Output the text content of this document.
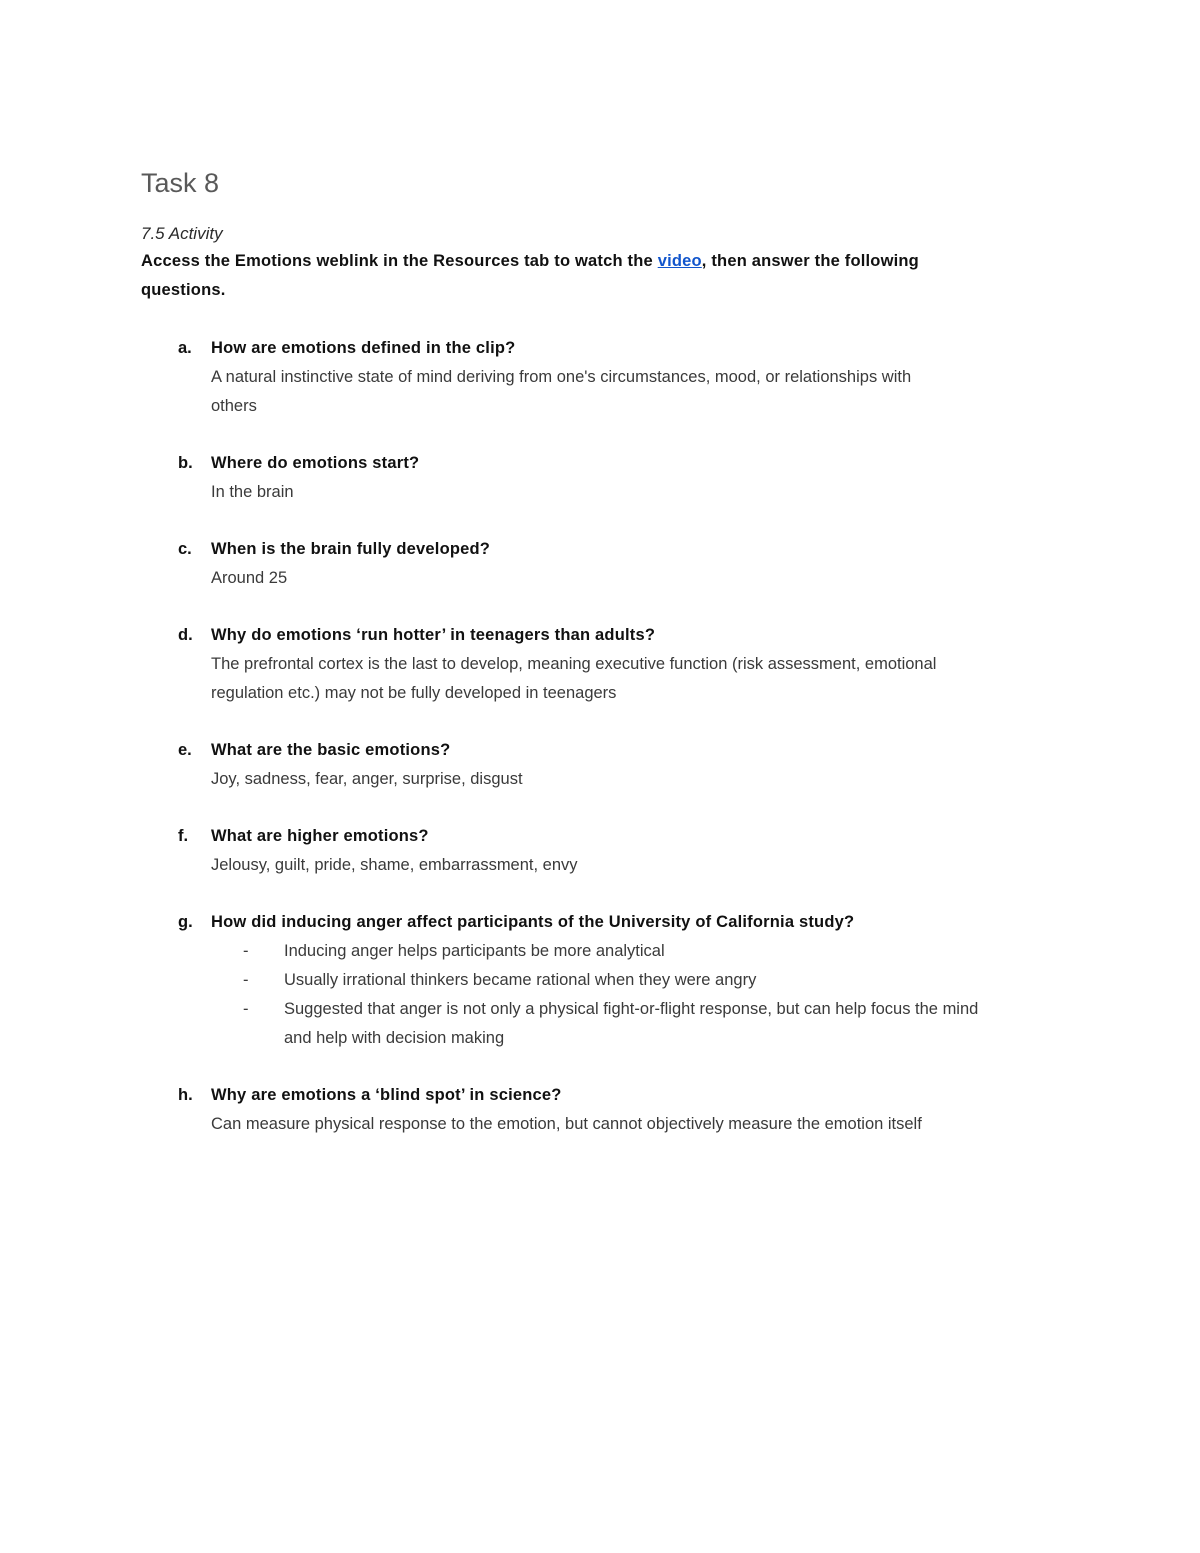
Task 8

7.5 Activity

Access the Emotions weblink in the Resources tab to watch the video, then answer the following questions.

a.	How are emotions defined in the clip?
A natural instinctive state of mind deriving from one's circumstances, mood, or relationships with others
b.	Where do emotions start?
In the brain
c.	When is the brain fully developed?
Around 25
d.	Why do emotions ‘run hotter’ in teenagers than adults?
The prefrontal cortex is the last to develop, meaning executive function (risk assessment, emotional regulation etc.) may not be fully developed in teenagers
e.	What are the basic emotions?
Joy, sadness, fear, anger, surprise, disgust
f.	What are higher emotions?
Jelousy, guilt, pride, shame, embarrassment, envy
g.	How did inducing anger affect participants of the University of California study?
-	Inducing anger helps participants be more analytical
-	Usually irrational thinkers became rational when they were angry
-	Suggested that anger is not only a physical fight-or-flight response, but can help focus the mind and help with decision making
h.	Why are emotions a ‘blind spot’ in science?
Can measure physical response to the emotion, but cannot objectively measure the emotion itself
